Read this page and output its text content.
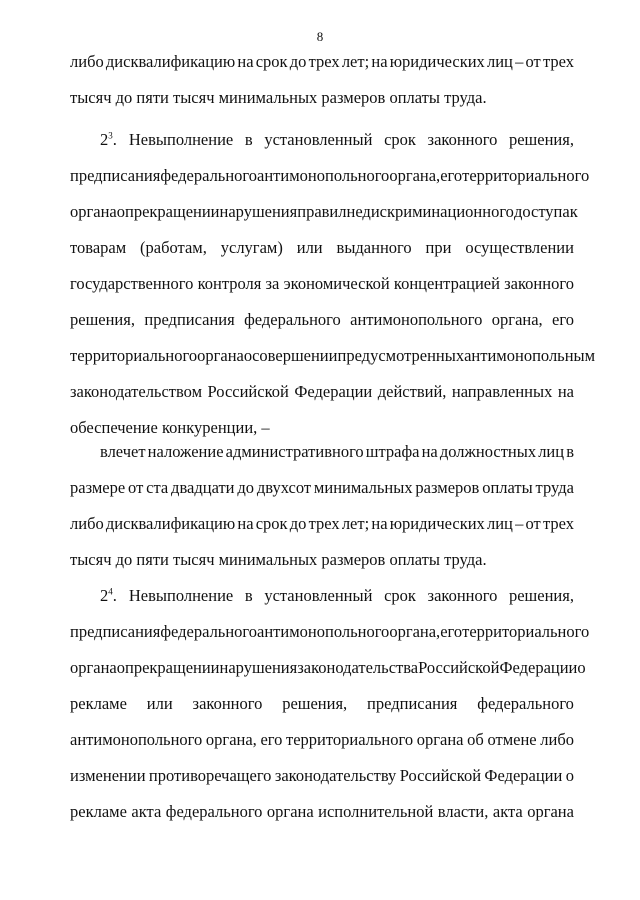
8
либо дисквалификацию на срок до трех лет; на юридических лиц – от трех
тысяч до пяти тысяч минимальных размеров оплаты труда.
$2^3$. Невыполнение в установленный срок законного решения,
предписания федерального антимонопольного органа, его территориального
органа о прекращении нарушения правил недискриминационного доступа к
товарам (работам, услугам) или выданного при осуществлении
государственного контроля за экономической концентрацией законного
решения, предписания федерального антимонопольного органа, его
территориального органа о совершении предусмотренных антимонопольным
законодательством Российской Федерации действий, направленных на
обеспечение конкуренции, –
влечет наложение административного штрафа на должностных лиц в
размере от ста двадцати до двухсот минимальных размеров оплаты труда
либо дисквалификацию на срок до трех лет; на юридических лиц – от трех
тысяч до пяти тысяч минимальных размеров оплаты труда.
$2^4$. Невыполнение в установленный срок законного решения,
предписания федерального антимонопольного органа, его территориального
органа о прекращении нарушения законодательства Российской Федерации о
рекламе или законного решения, предписания федерального
антимонопольного органа, его территориального органа об отмене либо
изменении противоречащего законодательству Российской Федерации о
рекламе акта федерального органа исполнительной власти, акта органа
